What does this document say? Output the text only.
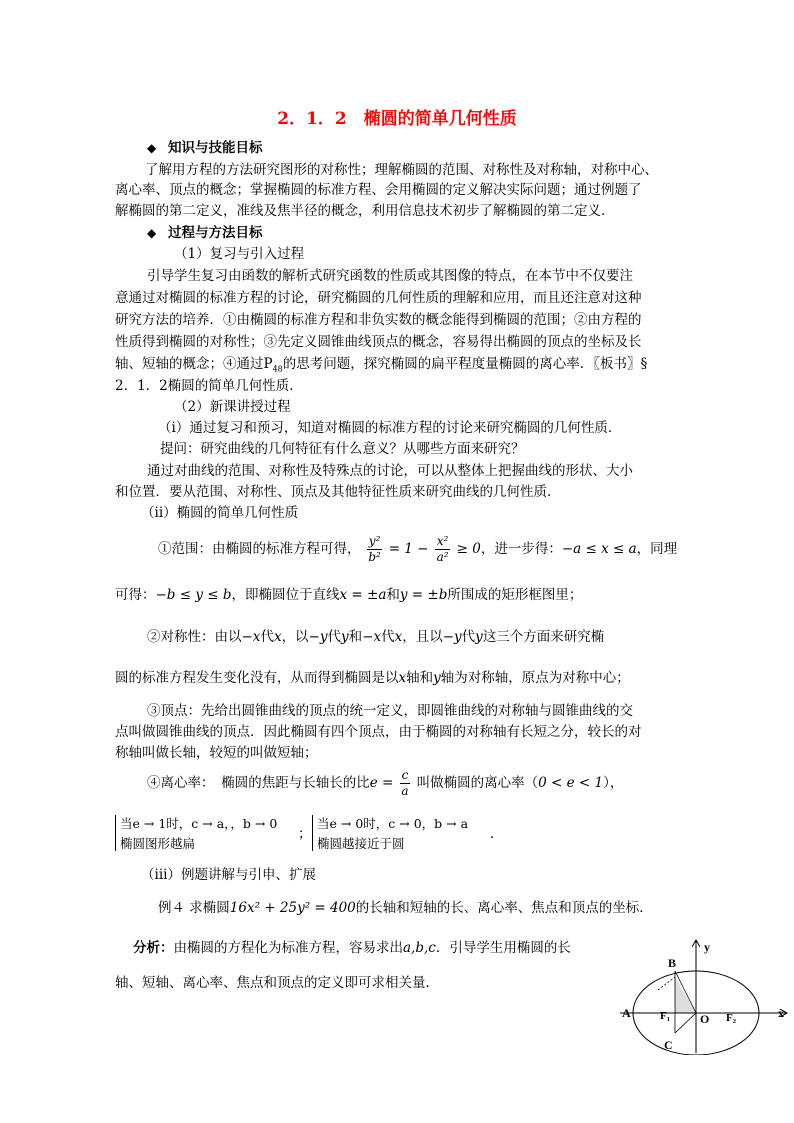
2．1．2　椭圆的简单几何性质
◆ 知识与技能目标
了解用方程的方法研究图形的对称性；理解椭圆的范围、对称性及对称轴，对称中心、
离心率、顶点的概念；掌握椭圆的标准方程、会用椭圆的定义解决实际问题；通过例题了
解椭圆的第二定义，准线及焦半径的概念，利用信息技术初步了解椭圆的第二定义．
◆ 过程与方法目标
（1）复习与引入过程
引导学生复习由函数的解析式研究函数的性质或其图像的特点，在本节中不仅要注
意通过对椭圆的标准方程的讨论，研究椭圆的几何性质的理解和应用，而且还注意对这种
研究方法的培养．①由椭圆的标准方程和非负实数的概念能得到椭圆的范围；②由方程的
性质得到椭圆的对称性；③先定义圆锥曲线顶点的概念，容易得出椭圆的顶点的坐标及长
轴、短轴的概念；④通过$P_{48}$的思考问题，探究椭圆的扁平程度量椭圆的离心率．〖板书〗§
2．1．2椭圆的简单几何性质．
（2）新课讲授过程
（i）通过复习和预习，知道对椭圆的标准方程的讨论来研究椭圆的几何性质．
提问：研究曲线的几何特征有什么意义？从哪些方面来研究？
通过对曲线的范围、对称性及特殊点的讨论，可以从整体上把握曲线的形状、大小
和位置．要从范围、对称性、顶点及其他特征性质来研究曲线的几何性质．
（ii）椭圆的简单几何性质
①范围：由椭圆的标准方程可得， $\frac{\text{y²}}{\text{b²}} = 1 - \frac{\text{x²}}{\text{a²}} \ge 0$，进一步得：−a ≤ x ≤ a，同理
可得：−b ≤ y ≤ b，即椭圆位于直线x = ±a和y = ±b所围成的矩形框图里；
②对称性：由以−x代x，以−y代y和−x代x，且以−y代y这三个方面来研究椭
圆的标准方程发生变化没有，从而得到椭圆是以x轴和y轴为对称轴，原点为对称中心；
③顶点：先给出圆锥曲线的顶点的统一定义，即圆锥曲线的对称轴与圆锥曲线的交
点叫做圆锥曲线的顶点．因此椭圆有四个顶点，由于椭圆的对称轴有长短之分，较长的对
称轴叫做长轴，较短的叫做短轴；
④离心率：　椭圆的焦距与长轴长的比$e = \frac{c}{a}$ 叫做椭圆的离心率（0 < e < 1），
当e → 1时，c → a，，b → 0
椭圆图形越扁
；
当e → 0时，c → 0，b → a
椭圆越接近于圆
．
（iii）例题讲解与引申、扩展
例４ 求椭圆16x² + 25y² = 400的长轴和短轴的长、离心率、焦点和顶点的坐标．
分析：由椭圆的方程化为标准方程，容易求出a,b,c．引导学生用椭圆的长
轴、短轴、离心率、焦点和顶点的定义即可求相关量．
y
B
A	F₁ O F₂	x
C
